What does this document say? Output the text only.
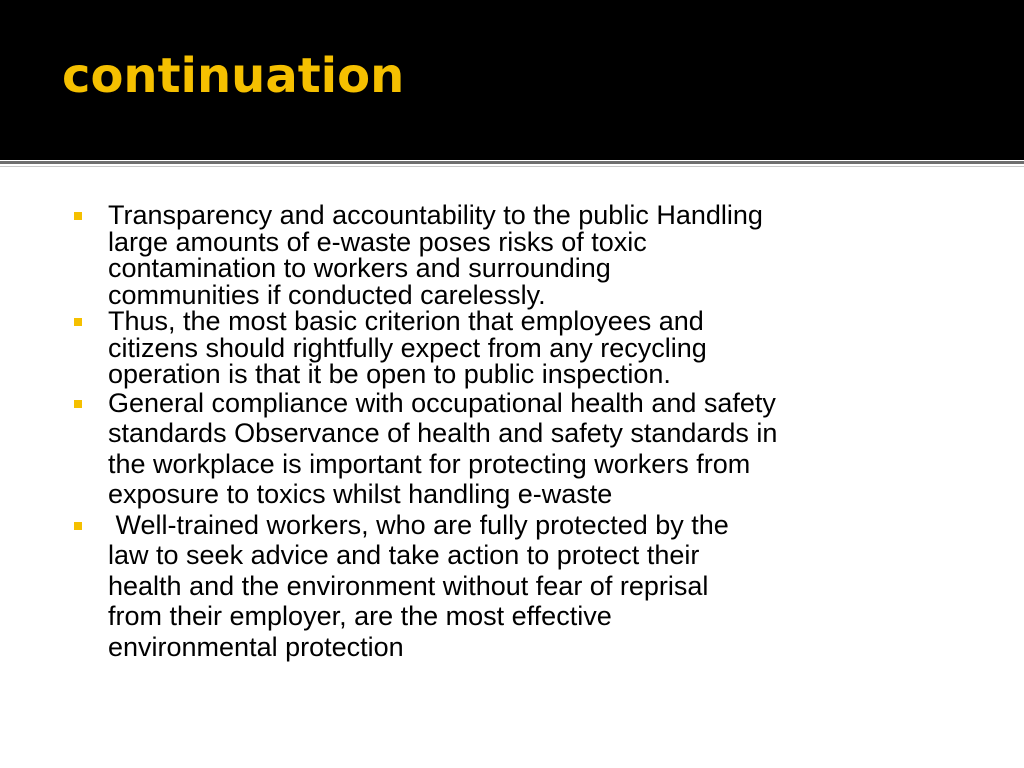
continuation
Transparency and accountability to the public Handling
large amounts of e-waste poses risks of toxic
contamination to workers and surrounding
communities if conducted carelessly.
Thus, the most basic criterion that employees and
citizens should rightfully expect from any recycling
operation is that it be open to public inspection.
General compliance with occupational health and safety
standards Observance of health and safety standards in
the workplace is important for protecting workers from
exposure to toxics whilst handling e-waste
Well-trained workers, who are fully protected by the
law to seek advice and take action to protect their
health and the environment without fear of reprisal
from their employer, are the most effective
environmental protection
